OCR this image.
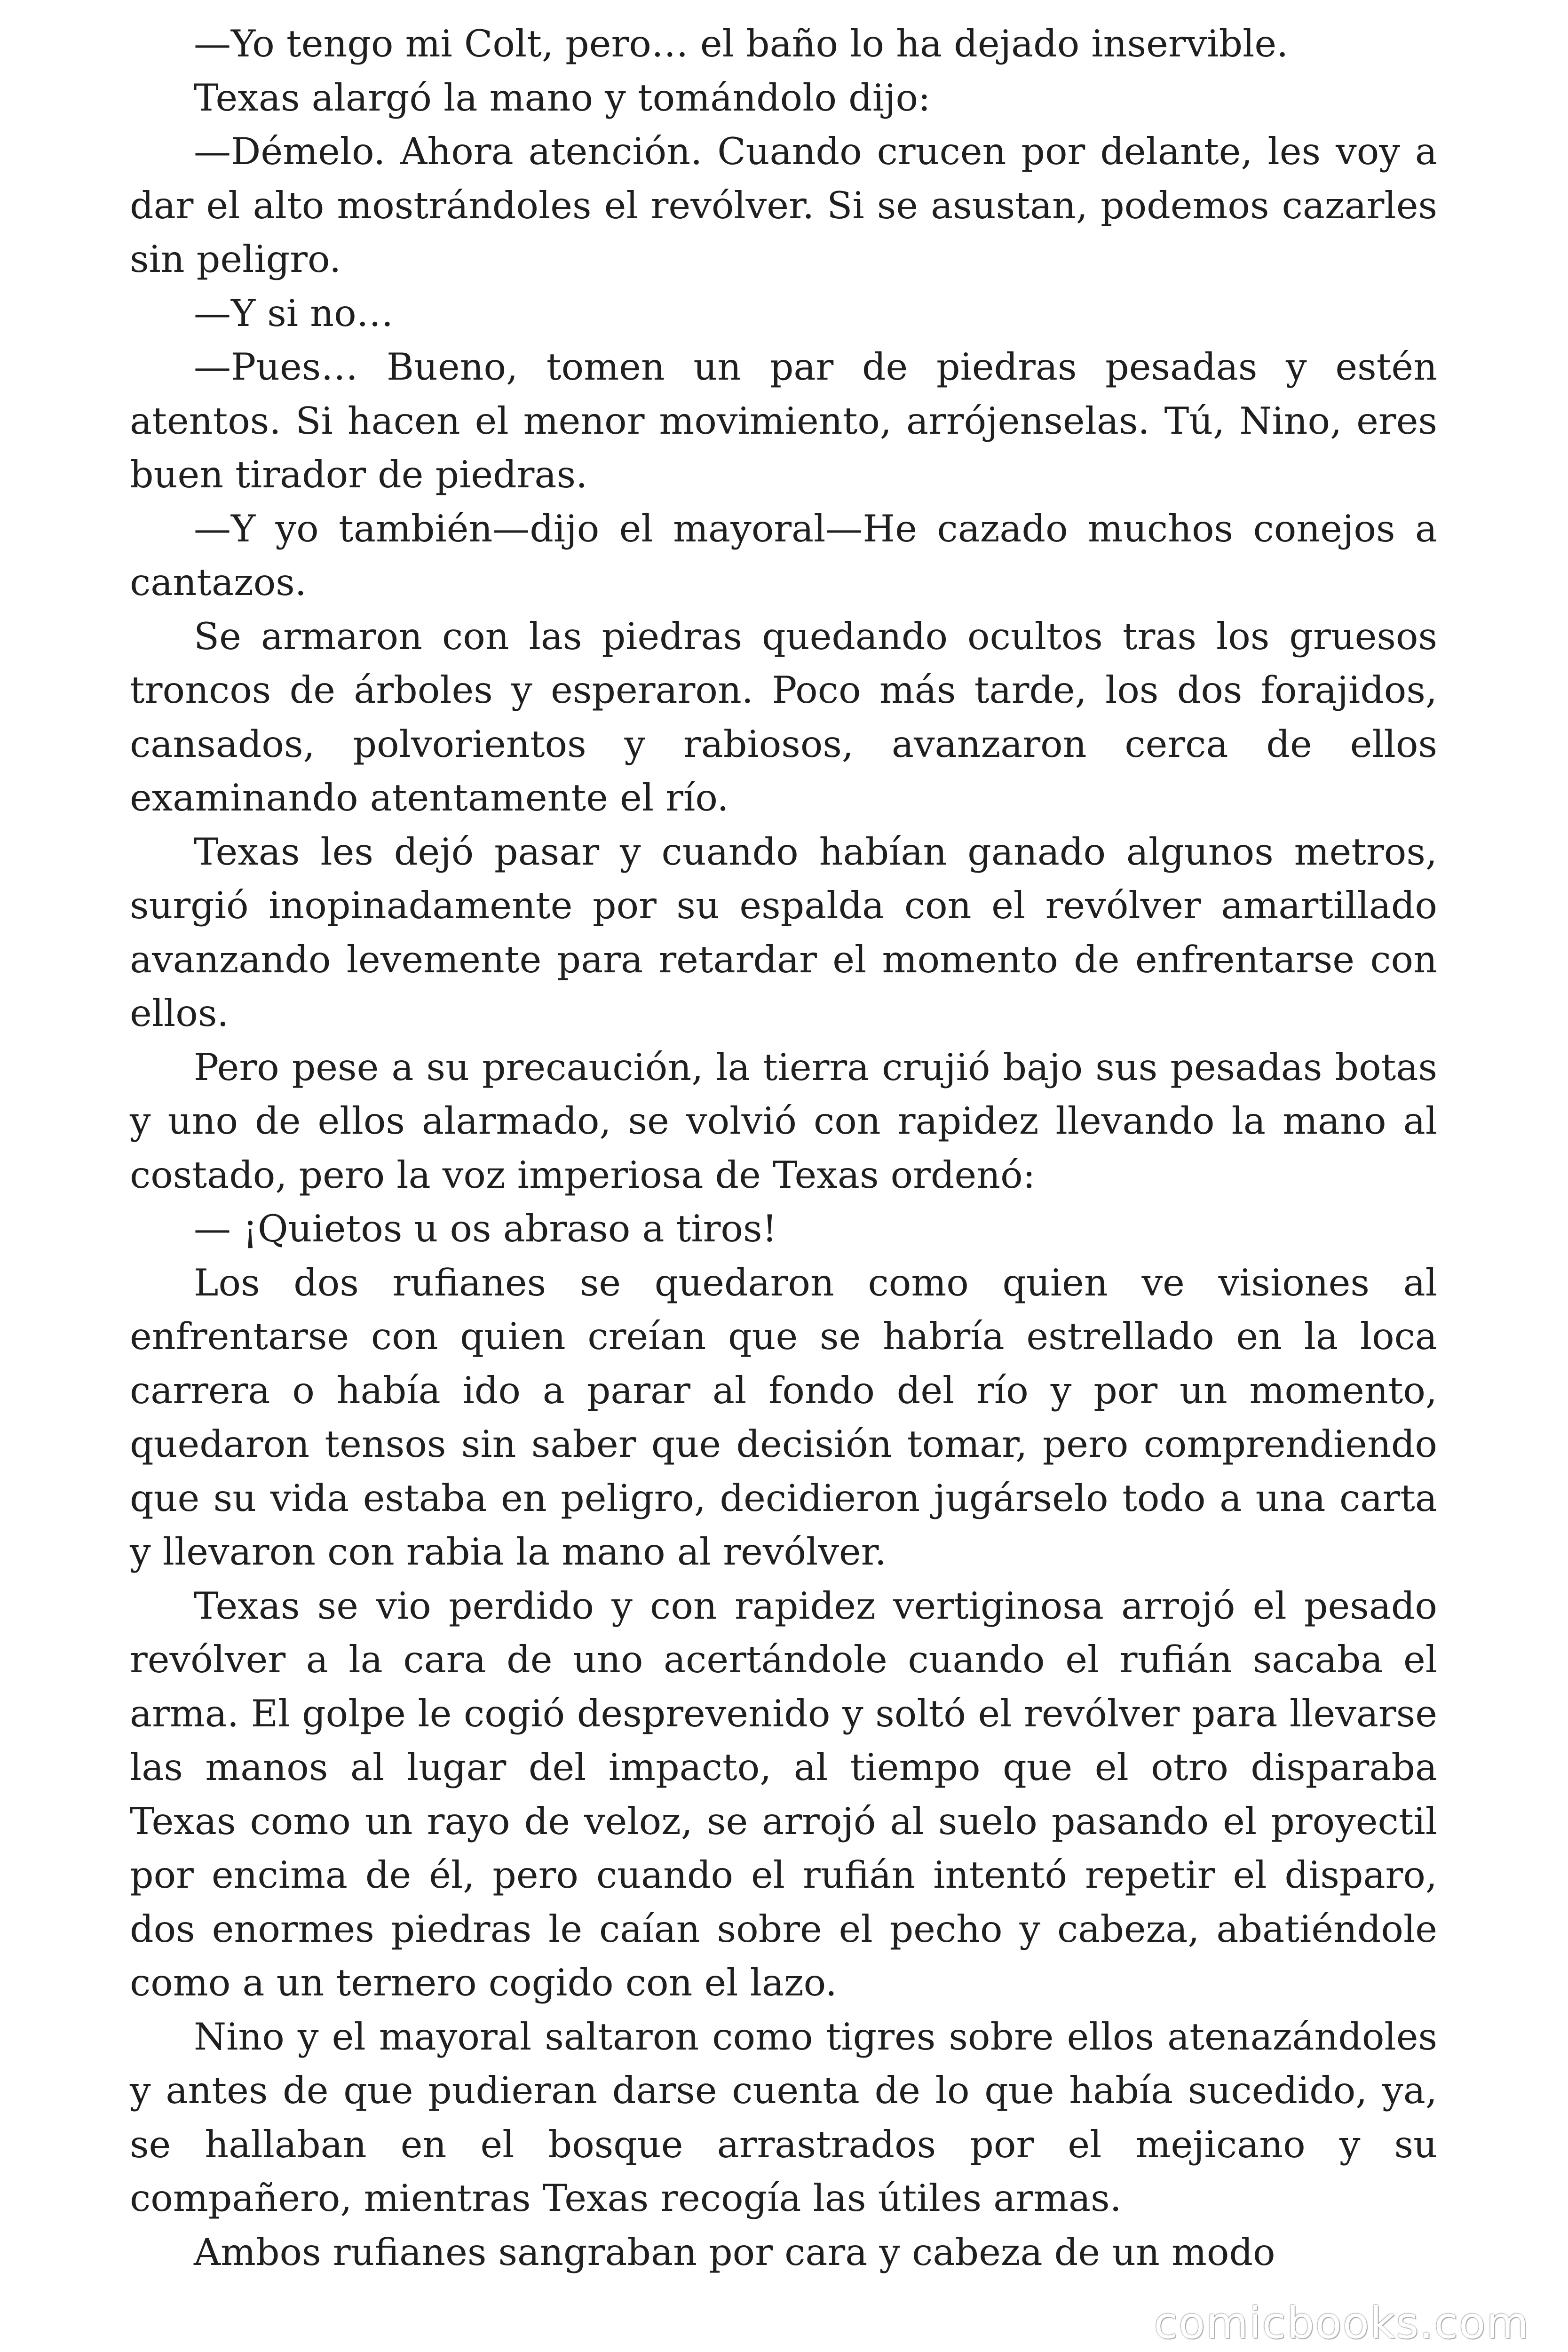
—Yo tengo mi Colt, pero… el baño lo ha dejado inservible.

Texas alargó la mano y tomándolo dijo:

—Démelo. Ahora atención. Cuando crucen por delante, les voy a dar el alto mostrándoles el revólver. Si se asustan, podemos cazarles sin peligro.

—Y si no…

—Pues… Bueno, tomen un par de piedras pesadas y estén atentos. Si hacen el menor movimiento, arrójenselas. Tú, Nino, eres buen tirador de piedras.

—Y yo también—dijo el mayoral—He cazado muchos conejos a cantazos.

Se armaron con las piedras quedando ocultos tras los gruesos troncos de árboles y esperaron. Poco más tarde, los dos forajidos, cansados, polvorientos y rabiosos, avanzaron cerca de ellos examinando atentamente el río.

Texas les dejó pasar y cuando habían ganado algunos metros, surgió inopinadamente por su espalda con el revólver amartillado avanzando levemente para retardar el momento de enfrentarse con ellos.

Pero pese a su precaución, la tierra crujió bajo sus pesadas botas y uno de ellos alarmado, se volvió con rapidez llevando la mano al costado, pero la voz imperiosa de Texas ordenó:

— ¡Quietos u os abraso a tiros!

Los dos rufianes se quedaron como quien ve visiones al enfrentarse con quien creían que se habría estrellado en la loca carrera o había ido a parar al fondo del río y por un momento, quedaron tensos sin saber que decisión tomar, pero comprendiendo que su vida estaba en peligro, decidieron jugárselo todo a una carta y llevaron con rabia la mano al revólver.

Texas se vio perdido y con rapidez vertiginosa arrojó el pesado revólver a la cara de uno acertándole cuando el rufián sacaba el arma. El golpe le cogió desprevenido y soltó el revólver para llevarse las manos al lugar del impacto, al tiempo que el otro disparaba Texas como un rayo de veloz, se arrojó al suelo pasando el proyectil por encima de él, pero cuando el rufián intentó repetir el disparo, dos enormes piedras le caían sobre el pecho y cabeza, abatiéndole como a un ternero cogido con el lazo.

Nino y el mayoral saltaron como tigres sobre ellos atenazándoles y antes de que pudieran darse cuenta de lo que había sucedido, ya, se hallaban en el bosque arrastrados por el mejicano y su compañero, mientras Texas recogía las útiles armas.

Ambos rufianes sangraban por cara y cabeza de un modo

comicbooks.com
